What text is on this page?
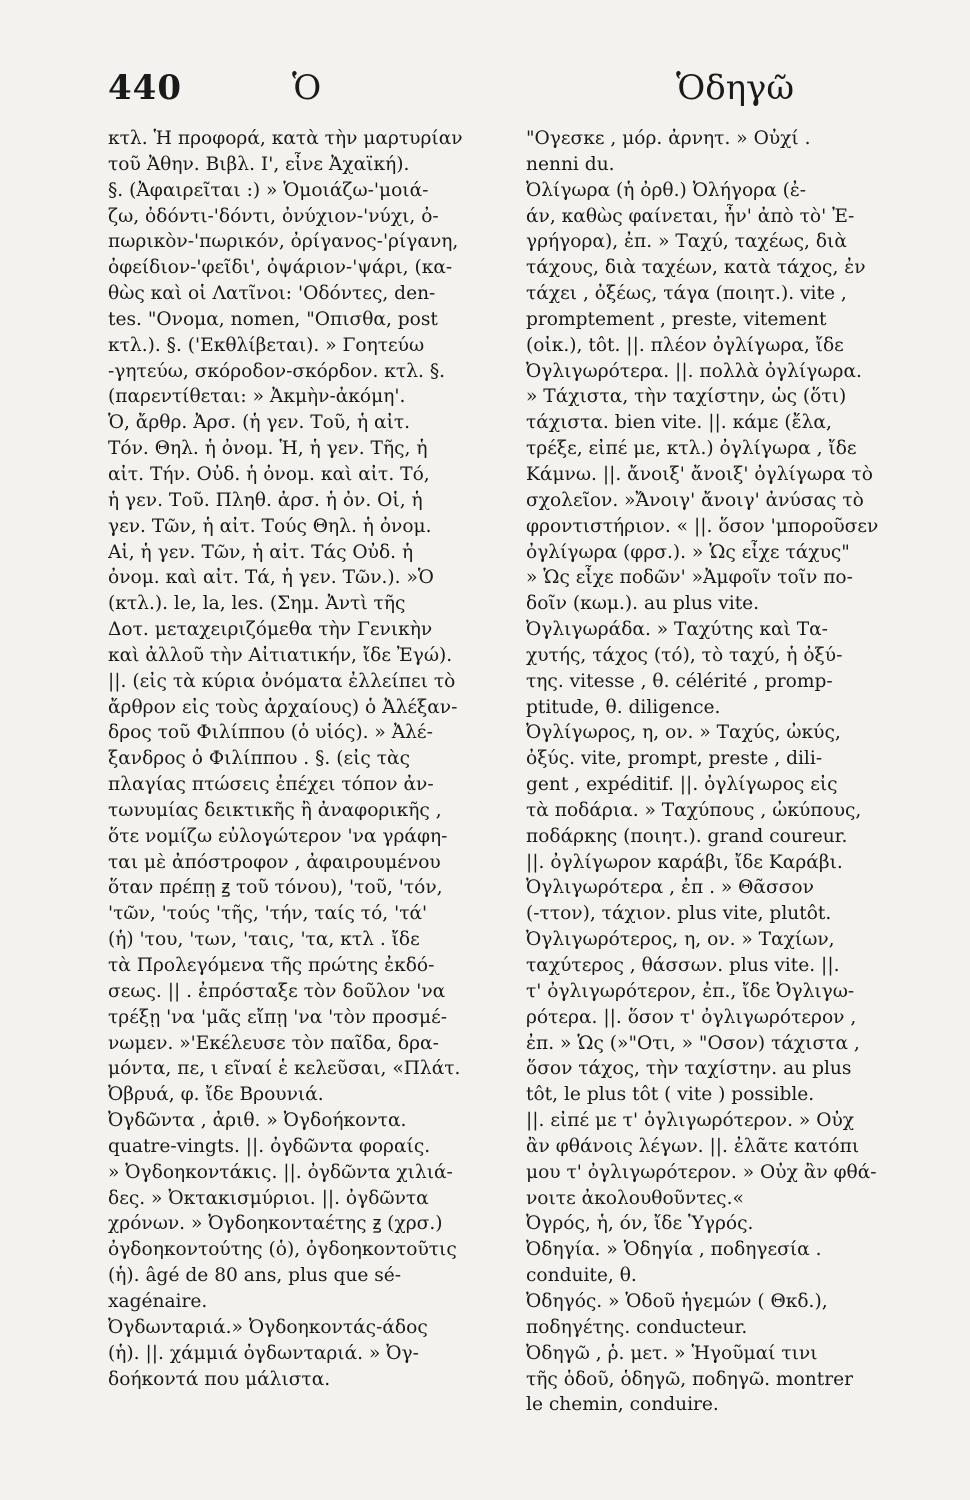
440	Ὁ	Ὁδηγῶ
κτλ. Ἡ προφορά, κατὰ τὴν μαρτυρίαν
τοῦ Ἀθην. Βιβλ. Ι', εἶνε Ἀχαϊκή).
§. (Ἀφαιρεῖται :) » Ὁμοιάζω-'μοιά-
ζω, ὀδόντι-'δόντι, ὀνύχιον-'νύχι, ὀ-
πωρικὸν-'πωρικόν, ὀρίγανος-'ρίγανη,
ὀφείδιον-'φεῖδι', ὀψάριον-'ψάρι, (κα-
θὼς καὶ οἱ Λατῖνοι: 'Οδόντες, den-
tes. "Ονομα, nomen, "Οπισθα, post
κτλ.). §. ('Εκθλίβεται). » Γοητεύω
-γητεύω, σκόροδον-σκόρδον. κτλ. §.
(παρεντίθεται: » Ἀκμὴν-ἀκόμη'.
Ὁ, ἄρθρ. Ἀρσ. (ἡ γεν. Τοῦ, ἡ αἰτ.
Τόν. Θηλ. ἡ ὀνομ. Ἡ, ἡ γεν. Τῆς, ἡ
αἰτ. Τήν. Οὐδ. ἡ ὀνομ. καὶ αἰτ. Τό,
ἡ γεν. Τοῦ. Πληθ. ἀρσ. ἡ ὀν. Οἱ, ἡ
γεν. Τῶν, ἡ αἰτ. Τούς Θηλ. ἡ ὀνομ.
Αἱ, ἡ γεν. Τῶν, ἡ αἰτ. Τάς Οὐδ. ἡ
ὀνομ. καὶ αἰτ. Τά, ἡ γεν. Τῶν.). »Ὁ
(κτλ.). le, la, les. (Σημ. Ἀντὶ τῆς
Δοτ. μεταχειριζόμεθα τὴν Γενικὴν
καὶ ἀλλοῦ τὴν Αἰτιατικήν, ἴδε Ἐγώ).
||. (εἰς τὰ κύρια ὀνόματα ἐλλείπει τὸ
ἄρθρον εἰς τοὺς ἀρχαίους) ὁ Ἀλέξαν-
δρος τοῦ Φιλίππου (ὁ υἱός). » Ἀλέ-
ξανδρος ὁ Φιλίππου . §. (εἰς τὰς
πλαγίας πτώσεις ἐπέχει τόπον ἀν-
τωνυμίας δεικτικῆς ἢ ἀναφορικῆς ,
ὅτε νομίζω εὐλογώτερον 'να γράφη-
ται μὲ ἀπόστροφον , ἀφαιρουμένου
ὅταν πρέπῃ ꙃ τοῦ τόνου), 'τοῦ, 'τόν,
'τῶν, 'τούς 'τῆς, 'τήν, ταίς τό, 'τά'
(ἡ) 'του, 'των, 'ταις, 'τα, κτλ . ἴδε
τὰ Προλεγόμενα τῆς πρώτης ἐκδό-
σεως. || . ἐπρόσταξε τὸν δοῦλον 'να
τρέξῃ 'να 'μᾶς εἴπῃ 'να 'τὸν προσμέ-
νωμεν. »'Εκέλευσε τὸν παῖδα, δρα-
μόντα, πε, ι εῖναί ἑ κελεῦσαι, «Πλάτ.
Ὀβρυά, φ. ἴδε Βρουνιά.
Ὀγδῶντα , ἀριθ. » Ὀγδοήκοντα.
quatre-vingts. ||. ὀγδῶντα φοραίς.
» Ὀγδοηκοντάκις. ||. ὀγδῶντα χιλιά-
δες. » Ὀκτακισμύριοι. ||. ὀγδῶντα
χρόνων. » Ὀγδοηκονταέτης ꙃ (χρσ.)
ὀγδοηκοντούτης (ὁ), ὀγδοηκοντοῦτις
(ἡ). âgé de 80 ans, plus que sé-
xagénaire.
Ὀγδωνταριά.» Ὀγδοηκοντάς-άδος
(ἡ). ||. χάμμιά ὀγδωνταριά. » Ὀγ-
δοήκοντά που μάλιστα.
"Ογεσκε , μόρ. ἀρνητ. » Οὐχί .
nenni du.
Ὀλίγωρα (ἡ ὀρθ.) Ὀλήγορα (ἐ-
άν, καθὼς φαίνεται, ἦν' ἀπὸ τὸ' Ἐ-
γρήγορα), ἐπ. » Ταχύ, ταχέως, διὰ
τάχους, διὰ ταχέων, κατὰ τάχος, ἐν
τάχει , ὀξέως, τάγα (ποιητ.). vite ,
promptement , preste, vitement
(οἰκ.), tôt. ||. πλέον ὀγλίγωρα, ἴδε
Ὀγλιγωρότερα. ||. πολλὰ ὀγλίγωρα.
» Τάχιστα, τὴν ταχίστην, ὡς (ὅτι)
τάχιστα. bien vite. ||. κάμε (ἔλα,
τρέξε, εἰπέ με, κτλ.) ὀγλίγωρα , ἴδε
Κάμνω. ||. ἄνοιξ' ἄνοιξ' ὀγλίγωρα τὸ
σχολεῖον. »Ἄνοιγ' ἄνοιγ' ἀνύσας τὸ
φροντιστήριον. « ||. ὅσον 'μποροῦσεν
ὀγλίγωρα (φρσ.). » Ὡς εἶχε τάχυς"
» Ὡς εἶχε ποδῶν' »Ἀμφοῖν τοῖν πο-
δοῖν (κωμ.). au plus vite.
Ὀγλιγωράδα. » Ταχύτης καὶ Τα-
χυτής, τάχος (τό), τὸ ταχύ, ἡ ὀξύ-
της. vitesse , θ. célérité , promp-
ptitude, θ. diligence.
Ὀγλίγωρος, η, ον. » Ταχύς, ὠκύς,
ὀξύς. vite, prompt, preste , dili-
gent , expéditif. ||. ὀγλίγωρος εἰς
τὰ ποδάρια. » Ταχύπους , ὠκύπους,
ποδάρκης (ποιητ.). grand coureur.
||. ὀγλίγωρον καράβι, ἴδε Καράβι.
Ὀγλιγωρότερα , ἐπ . » Θᾶσσον
(-ττον), τάχιον. plus vite, plutôt.
Ὀγλιγωρότερος, η, ον. » Ταχίων,
ταχύτερος , θάσσων. plus vite. ||.
τ' ὀγλιγωρότερον, ἐπ., ἴδε Ὀγλιγω-
ρότερα. ||. ὅσον τ' ὀγλιγωρότερον ,
ἐπ. » Ὡς (»"Οτι, » "Οσον) τάχιστα ,
ὅσον τάχος, τὴν ταχίστην. au plus
tôt, le plus tôt ( vite ) possible.
||. εἰπέ με τ' ὀγλιγωρότερον. » Οὐχ
ἂν φθάνοις λέγων. ||. ἐλᾶτε κατόπι
μου τ' ὀγλιγωρότερον. » Οὐχ ἂν φθά-
νοιτε ἀκολουθοῦντες.«
Ὀγρός, ἡ, όν, ἴδε Ὑγρός.
Ὀδηγία. » Ὁδηγία , ποδηγεσία .
conduite, θ.
Ὀδηγός. » Ὁδοῦ ἡγεμών ( Θκδ.),
ποδηγέτης. conducteur.
Ὀδηγῶ , ῥ. μετ. » Ἡγοῦμαί τινι
τῆς ὁδοῦ, ὁδηγῶ, ποδηγῶ. montrer
le chemin, conduire.
